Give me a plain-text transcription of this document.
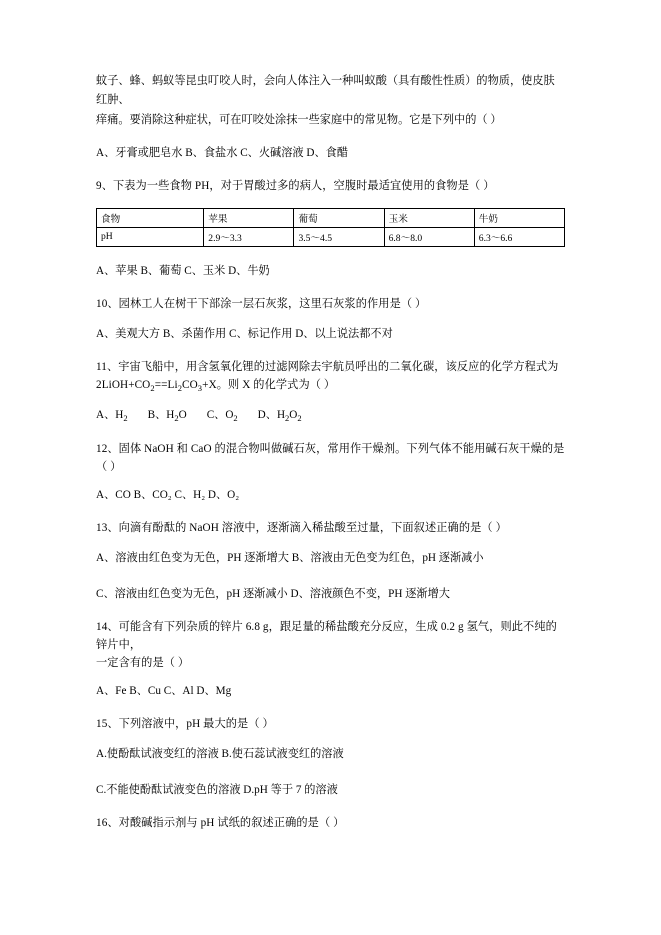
蚊子、蜂、蚂蚁等昆虫叮咬人时，会向人体注入一种叫蚁酸（具有酸性性质）的物质，使皮肤红肿、
痒痛。要消除这种症状，可在叮咬处涂抹一些家庭中的常见物。它是下列中的（ ）

A、牙膏或肥皂水 B、食盐水 C、火碱溶液 D、食醋

9、下表为一些食物 PH，对于胃酸过多的病人，空腹时最适宜使用的食物是（ ）

食物	苹果	葡萄	玉米	牛奶
pH	2.9～3.3	3.5～4.5	6.8～8.0	6.3～6.6

A、苹果 B、葡萄 C、玉米 D、牛奶

10、园林工人在树干下部涂一层石灰浆，这里石灰浆的作用是（ ）

A、美观大方 B、杀菌作用 C、标记作用 D、以上说法都不对

11、宇宙飞船中，用含氢氧化锂的过滤网除去宇航员呼出的二氧化碳，该反应的化学方程式为
$2LiOH+CO_2==Li_2CO_3+X$。则 X 的化学式为（ ）

A、$H_2$ B、$H_2O$ C、$O_2$ D、$H_2O_2$

12、固体 NaOH 和 CaO 的混合物叫做碱石灰，常用作干燥剂。下列气体不能用碱石灰干燥的是
（ ）

A、CO B、CO₂ C、H₂ D、O₂

13、向滴有酚酞的 NaOH 溶液中，逐渐滴入稀盐酸至过量，下面叙述正确的是（ ）

A、溶液由红色变为无色，PH 逐渐增大 B、溶液由无色变为红色，pH 逐渐减小

C、溶液由红色变为无色，pH 逐渐减小 D、溶液颜色不变，PH 逐渐增大

14、可能含有下列杂质的锌片 6.8 g，跟足量的稀盐酸充分反应，生成 0.2 g 氢气，则此不纯的锌片中，
一定含有的是（ ）

A、Fe B、Cu C、Al D、Mg

15、下列溶液中，pH 最大的是（ ）

A.使酚酞试液变红的溶液 B.使石蕊试液变红的溶液

C.不能使酚酞试液变色的溶液 D.pH 等于 7 的溶液

16、对酸碱指示剂与 pH 试纸的叙述正确的是（ ）
